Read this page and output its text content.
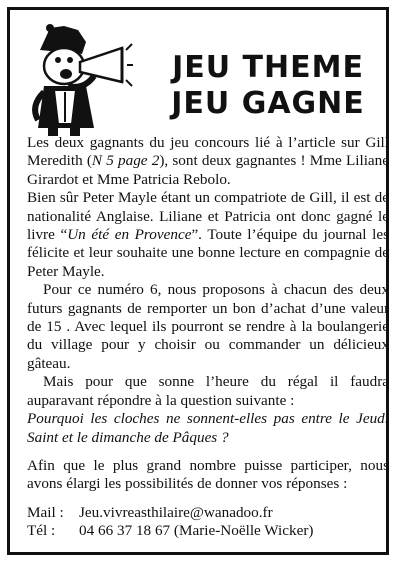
JEU THEME
JEU GAGNE

Les deux gagnants du jeu concours lié à l’article sur Gill Meredith (N 5 page 2), sont deux gagnantes ! Mme Liliane Girardot et Mme Patricia Rebolo.

Bien sûr Peter Mayle étant un compatriote de Gill, il est de nationalité Anglaise. Liliane et Patricia ont donc gagné le livre “Un été en Provence”. Toute l’équipe du journal les félicite et leur souhaite une bonne lecture en compagnie de Peter Mayle.

Pour ce numéro 6, nous proposons à chacun des deux futurs gagnants de remporter un bon d’achat d’une valeur de 15 . Avec lequel ils pourront se rendre à la boulangerie du village pour y choisir ou commander un délicieux gâteau.

Mais pour que sonne l’heure du régal il faudra auparavant répondre à la question suivante :

Pourquoi les cloches ne sonnent-elles pas entre le Jeudi Saint et le dimanche de Pâques ?

Afin que le plus grand nombre puisse participer, nous avons élargi les possibilités de donner vos réponses :

Mail :	Jeu.vivreasthilaire@wanadoo.fr
Tél :	04 66 37 18 67 (Marie-Noëlle Wicker)
